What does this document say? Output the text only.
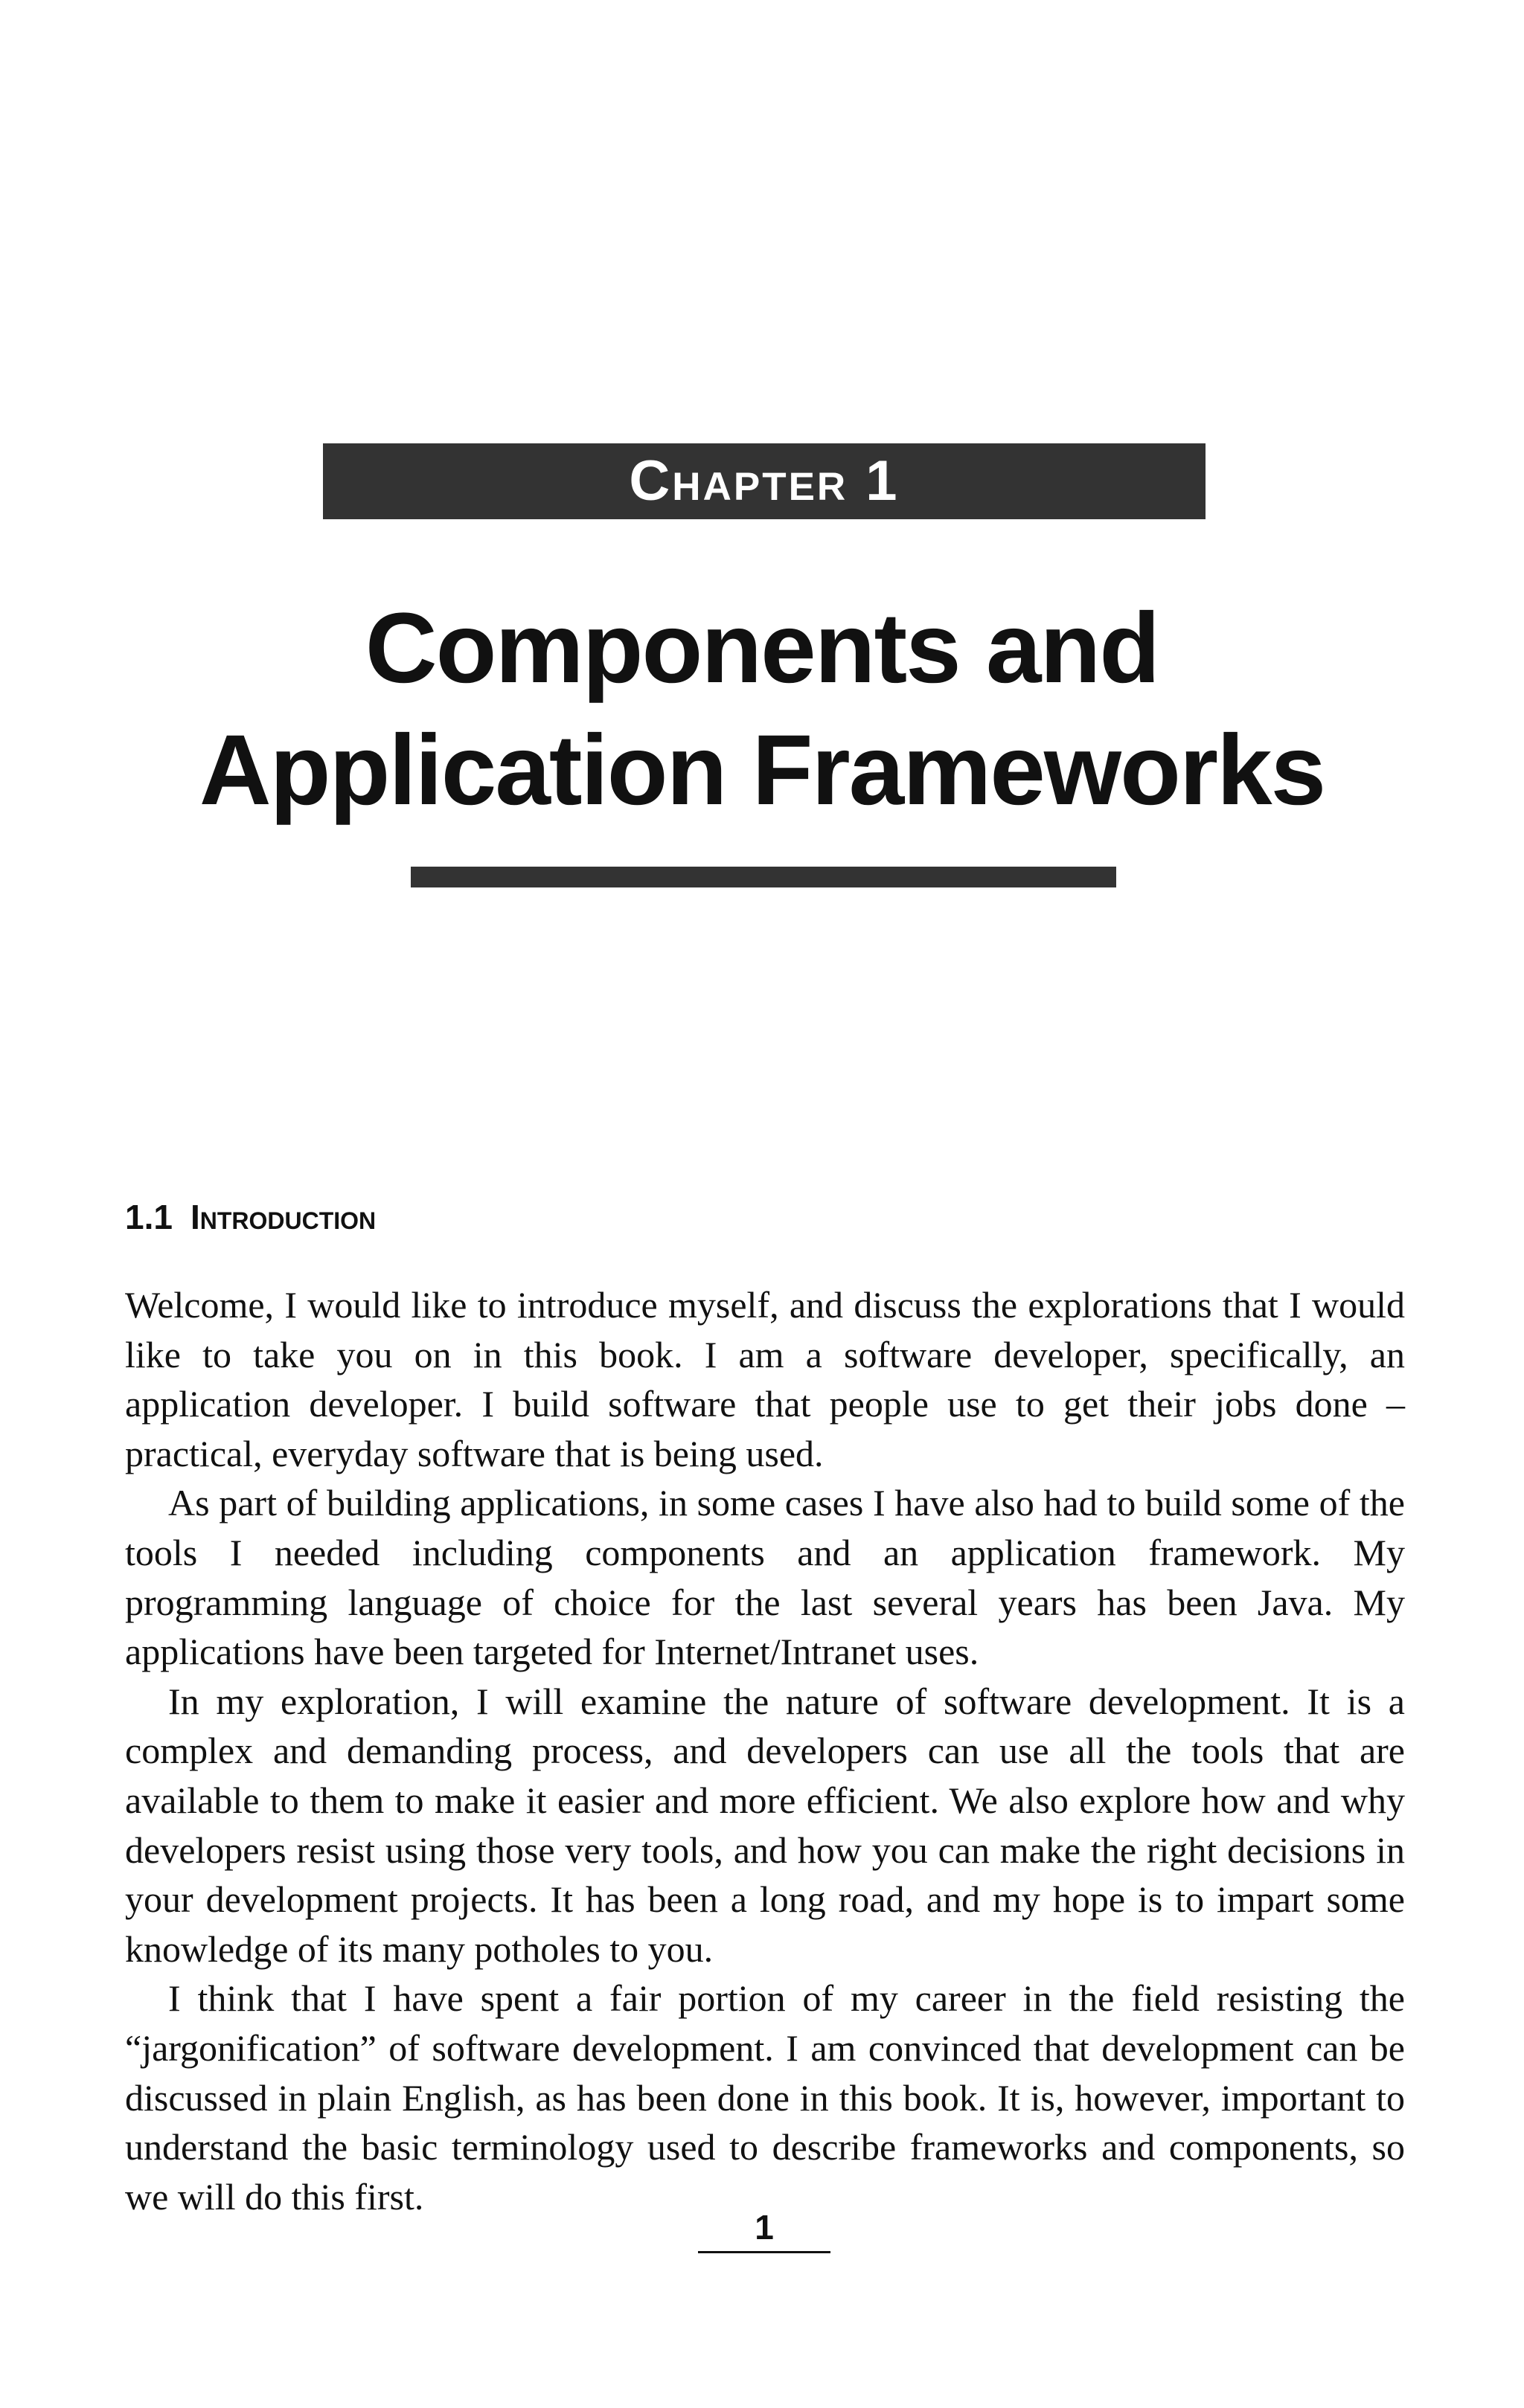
Chapter 1
Components and
Application Frameworks
1.1 Introduction

Welcome, I would like to introduce myself, and discuss the explorations that I would like to take you on in this book. I am a software developer, specifically, an application developer. I build software that people use to get their jobs done – practical, everyday software that is being used.

As part of building applications, in some cases I have also had to build some of the tools I needed including components and an application framework. My programming language of choice for the last several years has been Java. My applications have been targeted for Internet/Intranet uses.

In my exploration, I will examine the nature of software development. It is a complex and demanding process, and developers can use all the tools that are available to them to make it easier and more efficient. We also explore how and why developers resist using those very tools, and how you can make the right decisions in your development projects. It has been a long road, and my hope is to impart some knowledge of its many potholes to you.

I think that I have spent a fair portion of my career in the field resisting the “jargonification” of software development. I am convinced that development can be discussed in plain English, as has been done in this book. It is, however, important to understand the basic terminology used to describe frameworks and components, so we will do this first.

1
